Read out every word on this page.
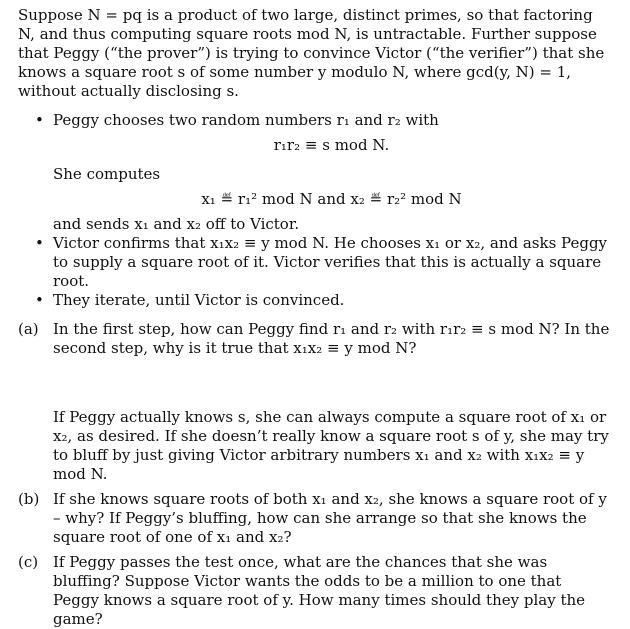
Suppose N = pq is a product of two large, distinct primes, so that factoring N, and thus computing square roots mod N, is untractable. Further suppose that Peggy (“the prover”) is trying to convince Victor (“the verifier”) that she knows a square root s of some number y modulo N, where gcd(y, N) = 1, without actually disclosing s.

• Peggy chooses two random numbers r₁ and r₂ with
r₁r₂ ≡ s mod N.
She computes
x₁ ≝ r₁² mod N and x₂ ≝ r₂² mod N
and sends x₁ and x₂ off to Victor.
• Victor confirms that x₁x₂ ≡ y mod N. He chooses x₁ or x₂, and asks Peggy to supply a square root of it. Victor verifies that this is actually a square root.
• They iterate, until Victor is convinced.
(a) In the first step, how can Peggy find r₁ and r₂ with r₁r₂ ≡ s mod N? In the second step, why is it true that x₁x₂ ≡ y mod N?
If Peggy actually knows s, she can always compute a square root of x₁ or x₂, as desired. If she doesn’t really know a square root s of y, she may try to bluff by just giving Victor arbitrary numbers x₁ and x₂ with x₁x₂ ≡ y mod N.
(b) If she knows square roots of both x₁ and x₂, she knows a square root of y – why? If Peggy’s bluffing, how can she arrange so that she knows the square root of one of x₁ and x₂?
(c) If Peggy passes the test once, what are the chances that she was bluffing? Suppose Victor wants the odds to be a million to one that Peggy knows a square root of y. How many times should they play the game?
